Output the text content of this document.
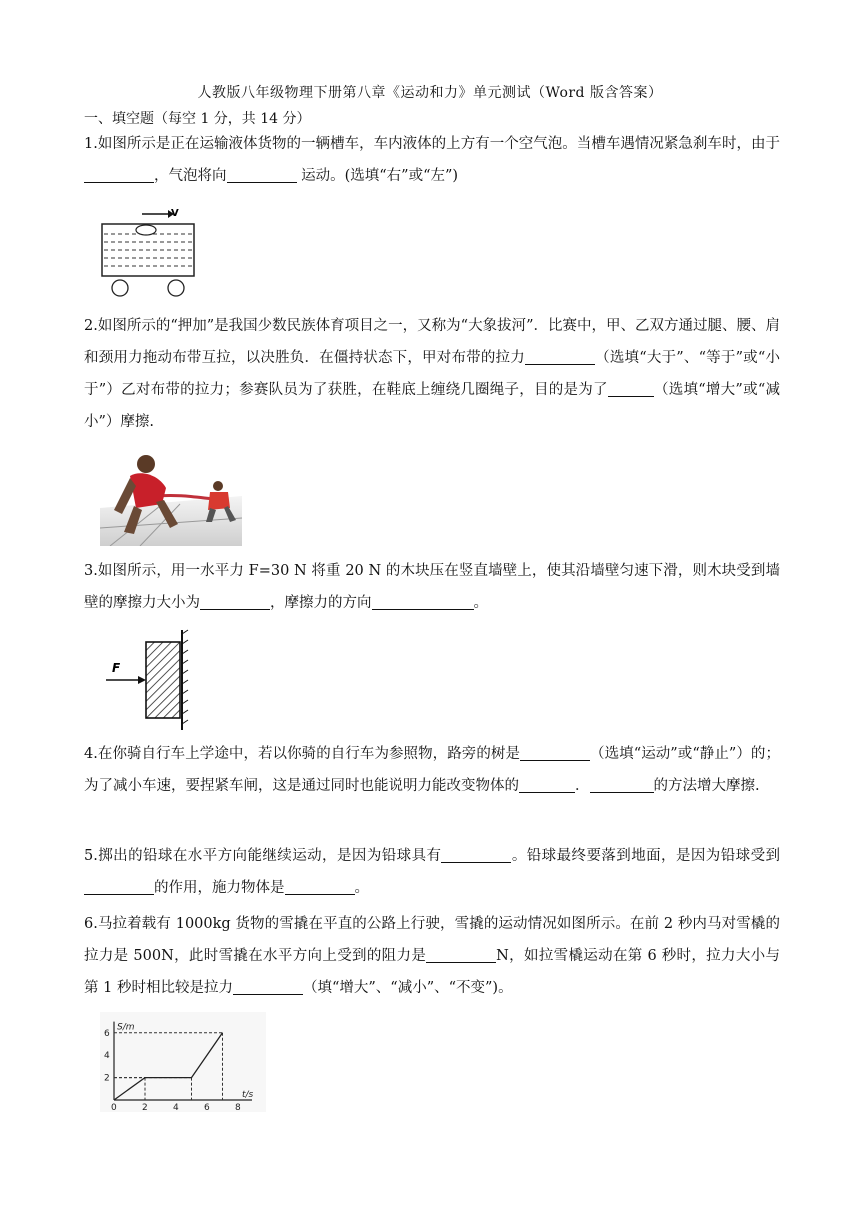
人教版八年级物理下册第八章《运动和力》单元测试（Word 版含答案）
一、填空题（每空 1 分，共 14 分）
1.如图所示是正在运输液体货物的一辆槽车，车内液体的上方有一个空气泡。当槽车遇情况紧急刹车时，由于，气泡将向	运动。(选填“右”或“左”)
V
2.如图所示的“押加”是我国少数民族体育项目之一，又称为“大象拔河”．比赛中，甲、乙双方通过腿、腰、肩和颈用力拖动布带互拉，以决胜负．在僵持状态下，甲对布带的拉力	（选填“大于”、“等于”或“小于”）乙对布带的拉力；参赛队员为了获胜，在鞋底上缠绕几圈绳子，目的是为了	（选填“增大”或“减小”）摩擦.
3.如图所示，用一水平力 F=30 N 将重 20 N 的木块压在竖直墙壁上，使其沿墙壁匀速下滑，则木块受到墙壁的摩擦力大小为	，摩擦力的方向	。
F
4.在你骑自行车上学途中，若以你骑的自行车为参照物，路旁的树是	（选填“运动”或“静止”）的；为了减小车速，要捏紧车闸，这是通过同时也能说明力能改变物体的	．	的方法增大摩擦.
5.掷出的铅球在水平方向能继续运动，是因为铅球具有	。铅球最终要落到地面，是因为铅球受到的作用，施力物体是	。
6.马拉着载有 1000kg 货物的雪撬在平直的公路上行驶，雪撬的运动情况如图所示。在前 2 秒内马对雪橇的拉力是 500N，此时雪撬在水平方向上受到的阻力是	N，如拉雪橇运动在第 6 秒时，拉力大小与第 1 秒时相比较是拉力	（填“增大”、“减小”、“不变”)。
0	2	4	6	8
2
4
6
t/s
S/m
